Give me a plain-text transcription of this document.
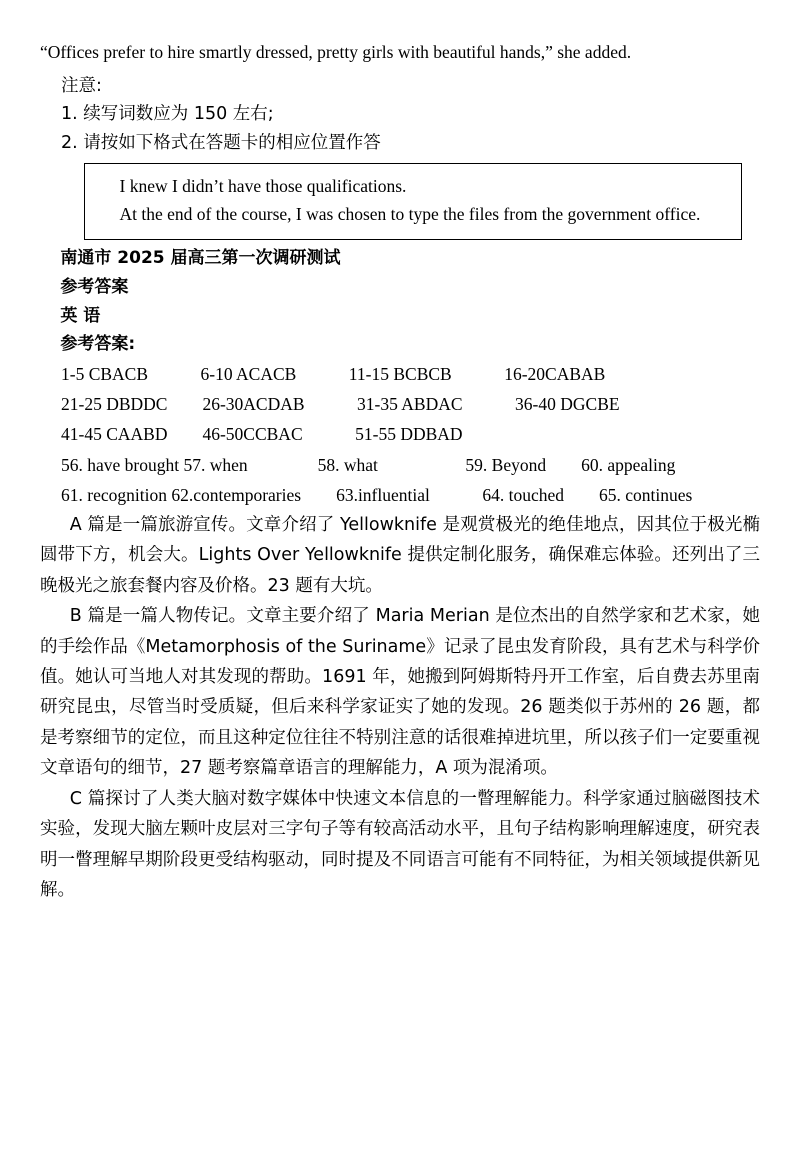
“Offices prefer to hire smartly dressed, pretty girls with beautiful hands,” she added.

注意:

1. 续写词数应为 150 左右;

2. 请按如下格式在答题卡的相应位置作答

I knew I didn’t have those qualifications.

At the end of the course, I was chosen to type the files from the government office.

南通市 2025 届高三第一次调研测试

参考答案

英 语

参考答案:

1-5 CBACB　　　6-10 ACACB　　　11-15 BCBCB　　　16-20CABAB

21-25 DBDDC　　26-30ACDAB　　　31-35 ABDAC　　　36-40 DGCBE

41-45 CAABD　　46-50CCBAC　　　51-55 DDBAD

56. have brought 57. when　　　　58. what　　　　　59. Beyond　　60. appealing

61. recognition 62.contemporaries　　63.influential　　　64. touched　　65. continues

A 篇是一篇旅游宣传。文章介绍了 Yellowknife 是观赏极光的绝佳地点，因其位于极光椭圆带下方，机会大。Lights Over Yellowknife 提供定制化服务，确保难忘体验。还列出了三晚极光之旅套餐内容及价格。23 题有大坑。

B 篇是一篇人物传记。文章主要介绍了 Maria Merian 是位杰出的自然学家和艺术家，她的手绘作品《Metamorphosis of the Suriname》记录了昆虫发育阶段，具有艺术与科学价值。她认可当地人对其发现的帮助。1691 年，她搬到阿姆斯特丹开工作室，后自费去苏里南研究昆虫，尽管当时受质疑，但后来科学家证实了她的发现。26 题类似于苏州的 26 题，都是考察细节的定位，而且这种定位往往不特别注意的话很难掉进坑里，所以孩子们一定要重视文章语句的细节，27 题考察篇章语言的理解能力，A 项为混淆项。

C 篇探讨了人类大脑对数字媒体中快速文本信息的一瞥理解能力。科学家通过脑磁图技术实验，发现大脑左颗叶皮层对三字句子等有较高活动水平，且句子结构影响理解速度，研究表明一瞥理解早期阶段更受结构驱动，同时提及不同语言可能有不同特征，为相关领域提供新见解。
